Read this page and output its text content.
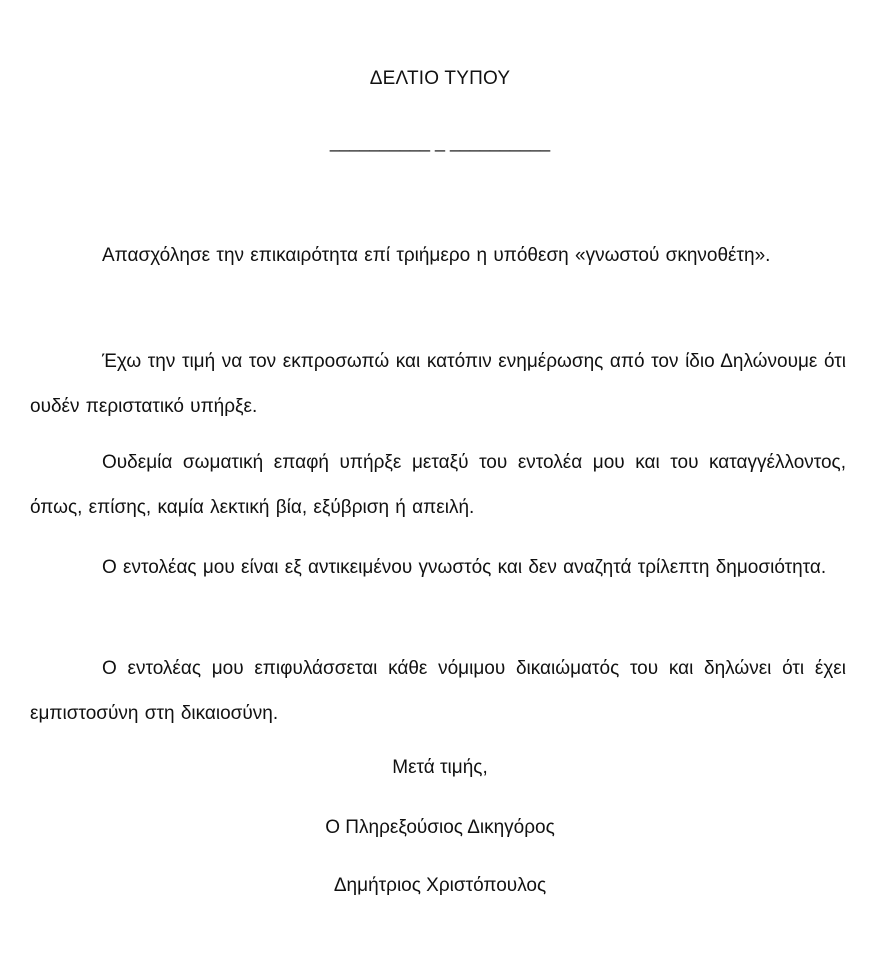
ΔΕΛΤΙΟ ΤΥΠΟΥ
__________ _ __________

Απασχόλησε την επικαιρότητα επί τριήμερο η υπόθεση «γνωστού σκηνοθέτη».

Έχω την τιμή να τον εκπροσωπώ και κατόπιν ενημέρωσης από τον ίδιο Δηλώνουμε ότι ουδέν περιστατικό υπήρξε.

Ουδεμία σωματική επαφή υπήρξε μεταξύ του εντολέα μου και του καταγγέλλοντος, όπως, επίσης, καμία λεκτική βία, εξύβριση ή απειλή.

Ο εντολέας μου είναι εξ αντικειμένου γνωστός και δεν αναζητά τρίλεπτη δημοσιότητα.

Ο εντολέας μου επιφυλάσσεται κάθε νόμιμου δικαιώματός του και δηλώνει ότι έχει εμπιστοσύνη στη δικαιοσύνη.

Μετά τιμής,
Ο Πληρεξούσιος Δικηγόρος
Δημήτριος Χριστόπουλος
